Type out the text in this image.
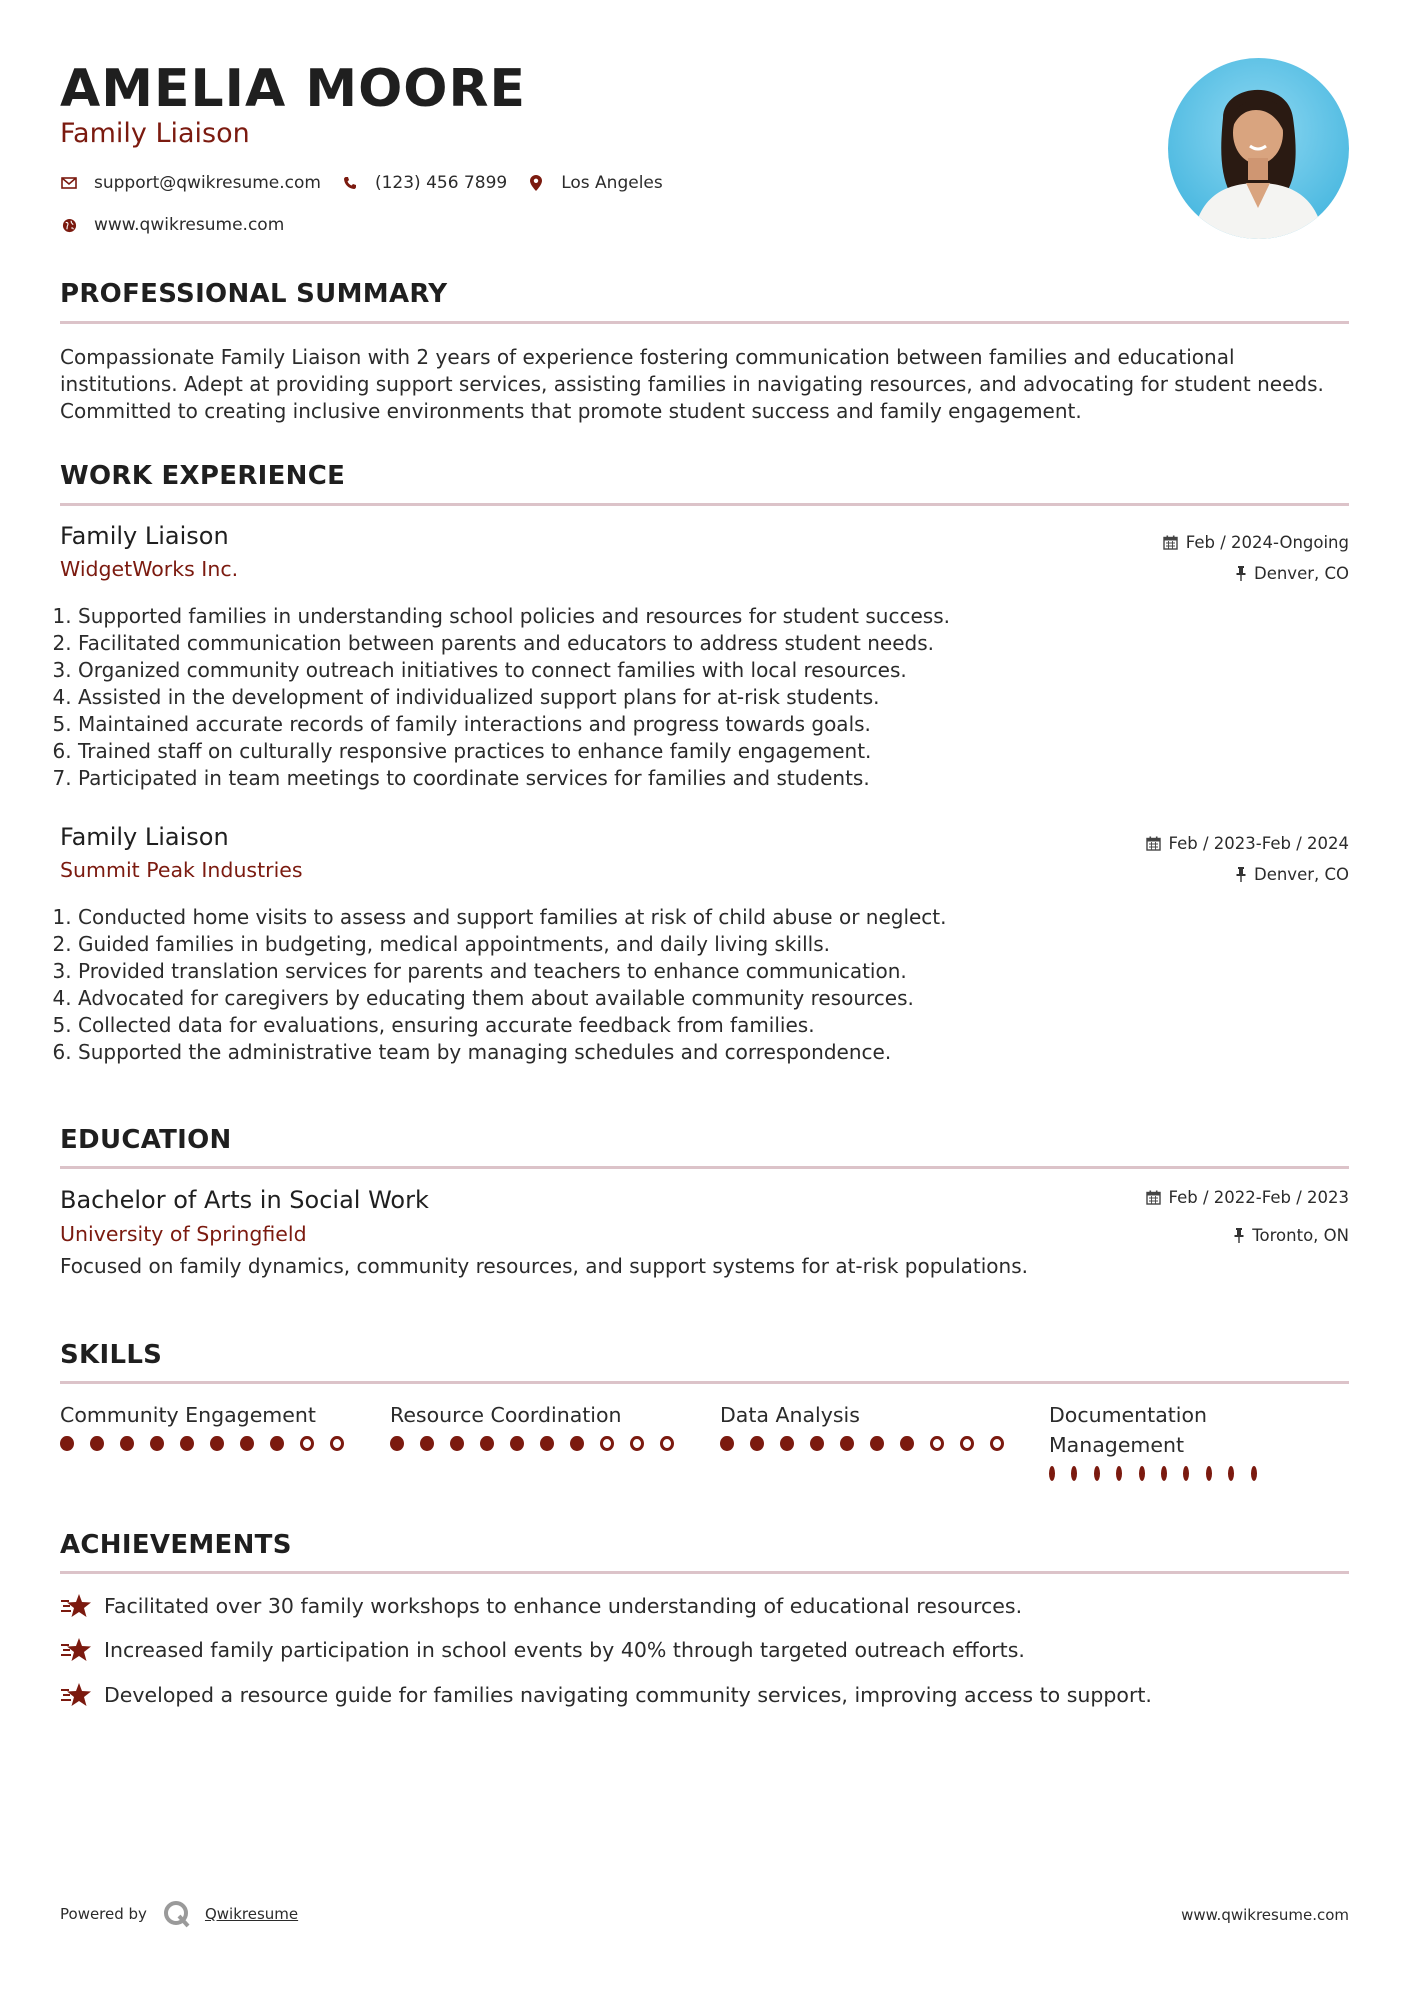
AMELIA MOORE
Family Liaison
support@qwikresume.com	(123) 456 7899	Los Angeles
www.qwikresume.com
PROFESSIONAL SUMMARY
Compassionate Family Liaison with 2 years of experience fostering communication between families and educational institutions. Adept at providing support services, assisting families in navigating resources, and advocating for student needs. Committed to creating inclusive environments that promote student success and family engagement.
WORK EXPERIENCE
Family Liaison
WidgetWorks Inc.
Feb / 2024-Ongoing
Denver, CO
1. Supported families in understanding school policies and resources for student success.
2. Facilitated communication between parents and educators to address student needs.
3. Organized community outreach initiatives to connect families with local resources.
4. Assisted in the development of individualized support plans for at-risk students.
5. Maintained accurate records of family interactions and progress towards goals.
6. Trained staff on culturally responsive practices to enhance family engagement.
7. Participated in team meetings to coordinate services for families and students.
Family Liaison
Summit Peak Industries
Feb / 2023-Feb / 2024
Denver, CO
1. Conducted home visits to assess and support families at risk of child abuse or neglect.
2. Guided families in budgeting, medical appointments, and daily living skills.
3. Provided translation services for parents and teachers to enhance communication.
4. Advocated for caregivers by educating them about available community resources.
5. Collected data for evaluations, ensuring accurate feedback from families.
6. Supported the administrative team by managing schedules and correspondence.
EDUCATION
Bachelor of Arts in Social Work
University of Springfield
Focused on family dynamics, community resources, and support systems for at-risk populations.
Feb / 2022-Feb / 2023
Toronto, ON
SKILLS
Community Engagement	Resource Coordination	Data Analysis	Documentation Management
ACHIEVEMENTS
Facilitated over 30 family workshops to enhance understanding of educational resources.
Increased family participation in school events by 40% through targeted outreach efforts.
Developed a resource guide for families navigating community services, improving access to support.
Powered by	Qwikresume	www.qwikresume.com
